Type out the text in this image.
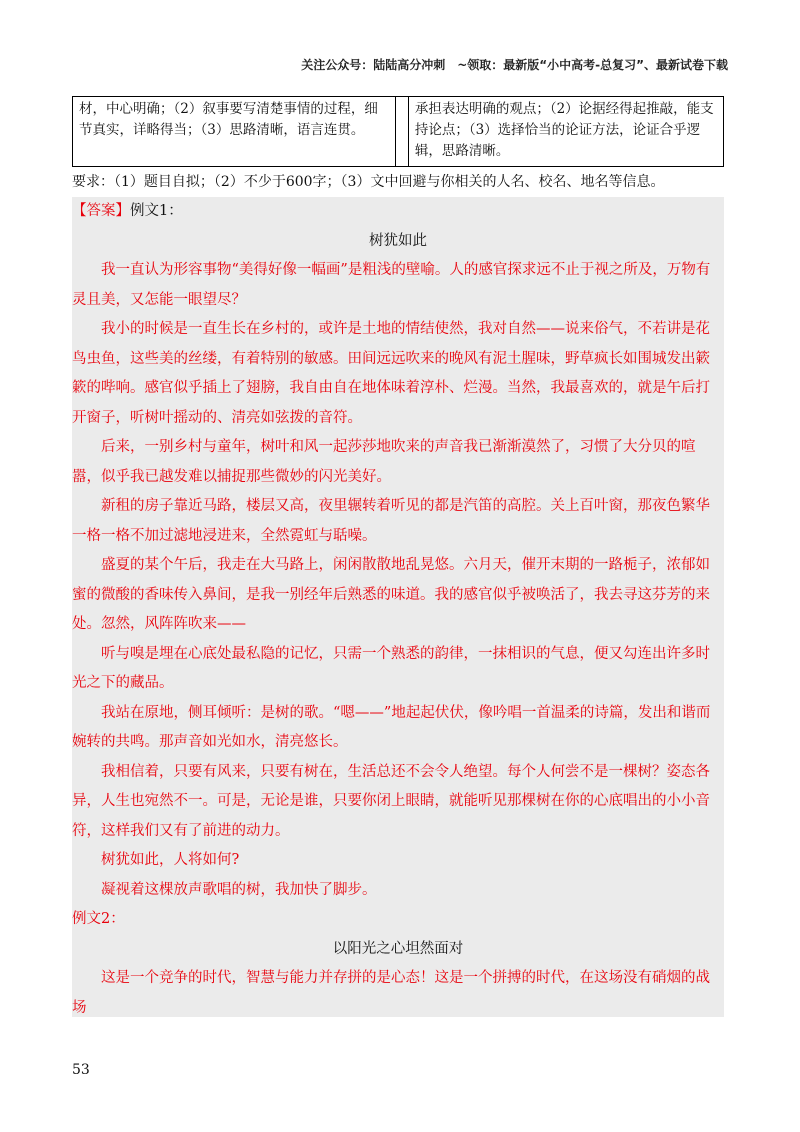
关注公众号：陆陆高分冲刺　~领取：最新版“小中高考-总复习”、最新试卷下载
材，中心明确；（2）叙事要写清楚事情的过程，细节真实，详略得当；（3）思路清晰，语言连贯。		承担表达明确的观点；（2）论据经得起推敲，能支持论点；（3）选择恰当的论证方法，论证合乎逻辑，思路清晰。
要求：（1）题目自拟；（2）不少于600字；（3）文中回避与你相关的人名、校名、地名等信息。

【答案】例文1：

树犹如此

我一直认为形容事物“美得好像一幅画”是粗浅的壁喻。人的感官探求远不止于视之所及，万物有灵且美，又怎能一眼望尽？

我小的时候是一直生长在乡村的，或许是土地的情结使然，我对自然——说来俗气，不若讲是花鸟虫鱼，这些美的丝缕，有着特别的敏感。田间远远吹来的晚风有泥土腥味，野草疯长如围城发出簌簌的哔响。感官似乎插上了翅膀，我自由自在地体味着淳朴、烂漫。当然，我最喜欢的，就是午后打开窗子，听树叶摇动的、清亮如弦拨的音符。

后来，一别乡村与童年，树叶和风一起莎莎地吹来的声音我已渐渐漠然了，习惯了大分贝的喧嚣，似乎我已越发难以捕捉那些微妙的闪光美好。

新租的房子靠近马路，楼层又高，夜里辗转着听见的都是汽笛的高腔。关上百叶窗，那夜色繁华一格一格不加过滤地浸进来，全然霓虹与聒噪。

盛夏的某个午后，我走在大马路上，闲闲散散地乱晃悠。六月天，催开末期的一路栀子，浓郁如蜜的微酸的香味传入鼻间，是我一别经年后熟悉的味道。我的感官似乎被唤活了，我去寻这芬芳的来处。忽然，风阵阵吹来——

听与嗅是埋在心底处最私隐的记忆，只需一个熟悉的韵律，一抹相识的气息，便又勾连出许多时光之下的藏品。

我站在原地，侧耳倾听：是树的歌。“嗯——”地起起伏伏，像吟唱一首温柔的诗篇，发出和谐而婉转的共鸣。那声音如光如水，清亮悠长。

我相信着，只要有风来，只要有树在，生活总还不会令人绝望。每个人何尝不是一棵树？姿态各异，人生也宛然不一。可是，无论是谁，只要你闭上眼睛，就能听见那棵树在你的心底唱出的小小音符，这样我们又有了前进的动力。

树犹如此，人将如何?

凝视着这棵放声歌唱的树，我加快了脚步。

例文2：

以阳光之心坦然面对

这是一个竞争的时代，智慧与能力并存拼的是心态！这是一个拼搏的时代，在这场没有硝烟的战场

53
